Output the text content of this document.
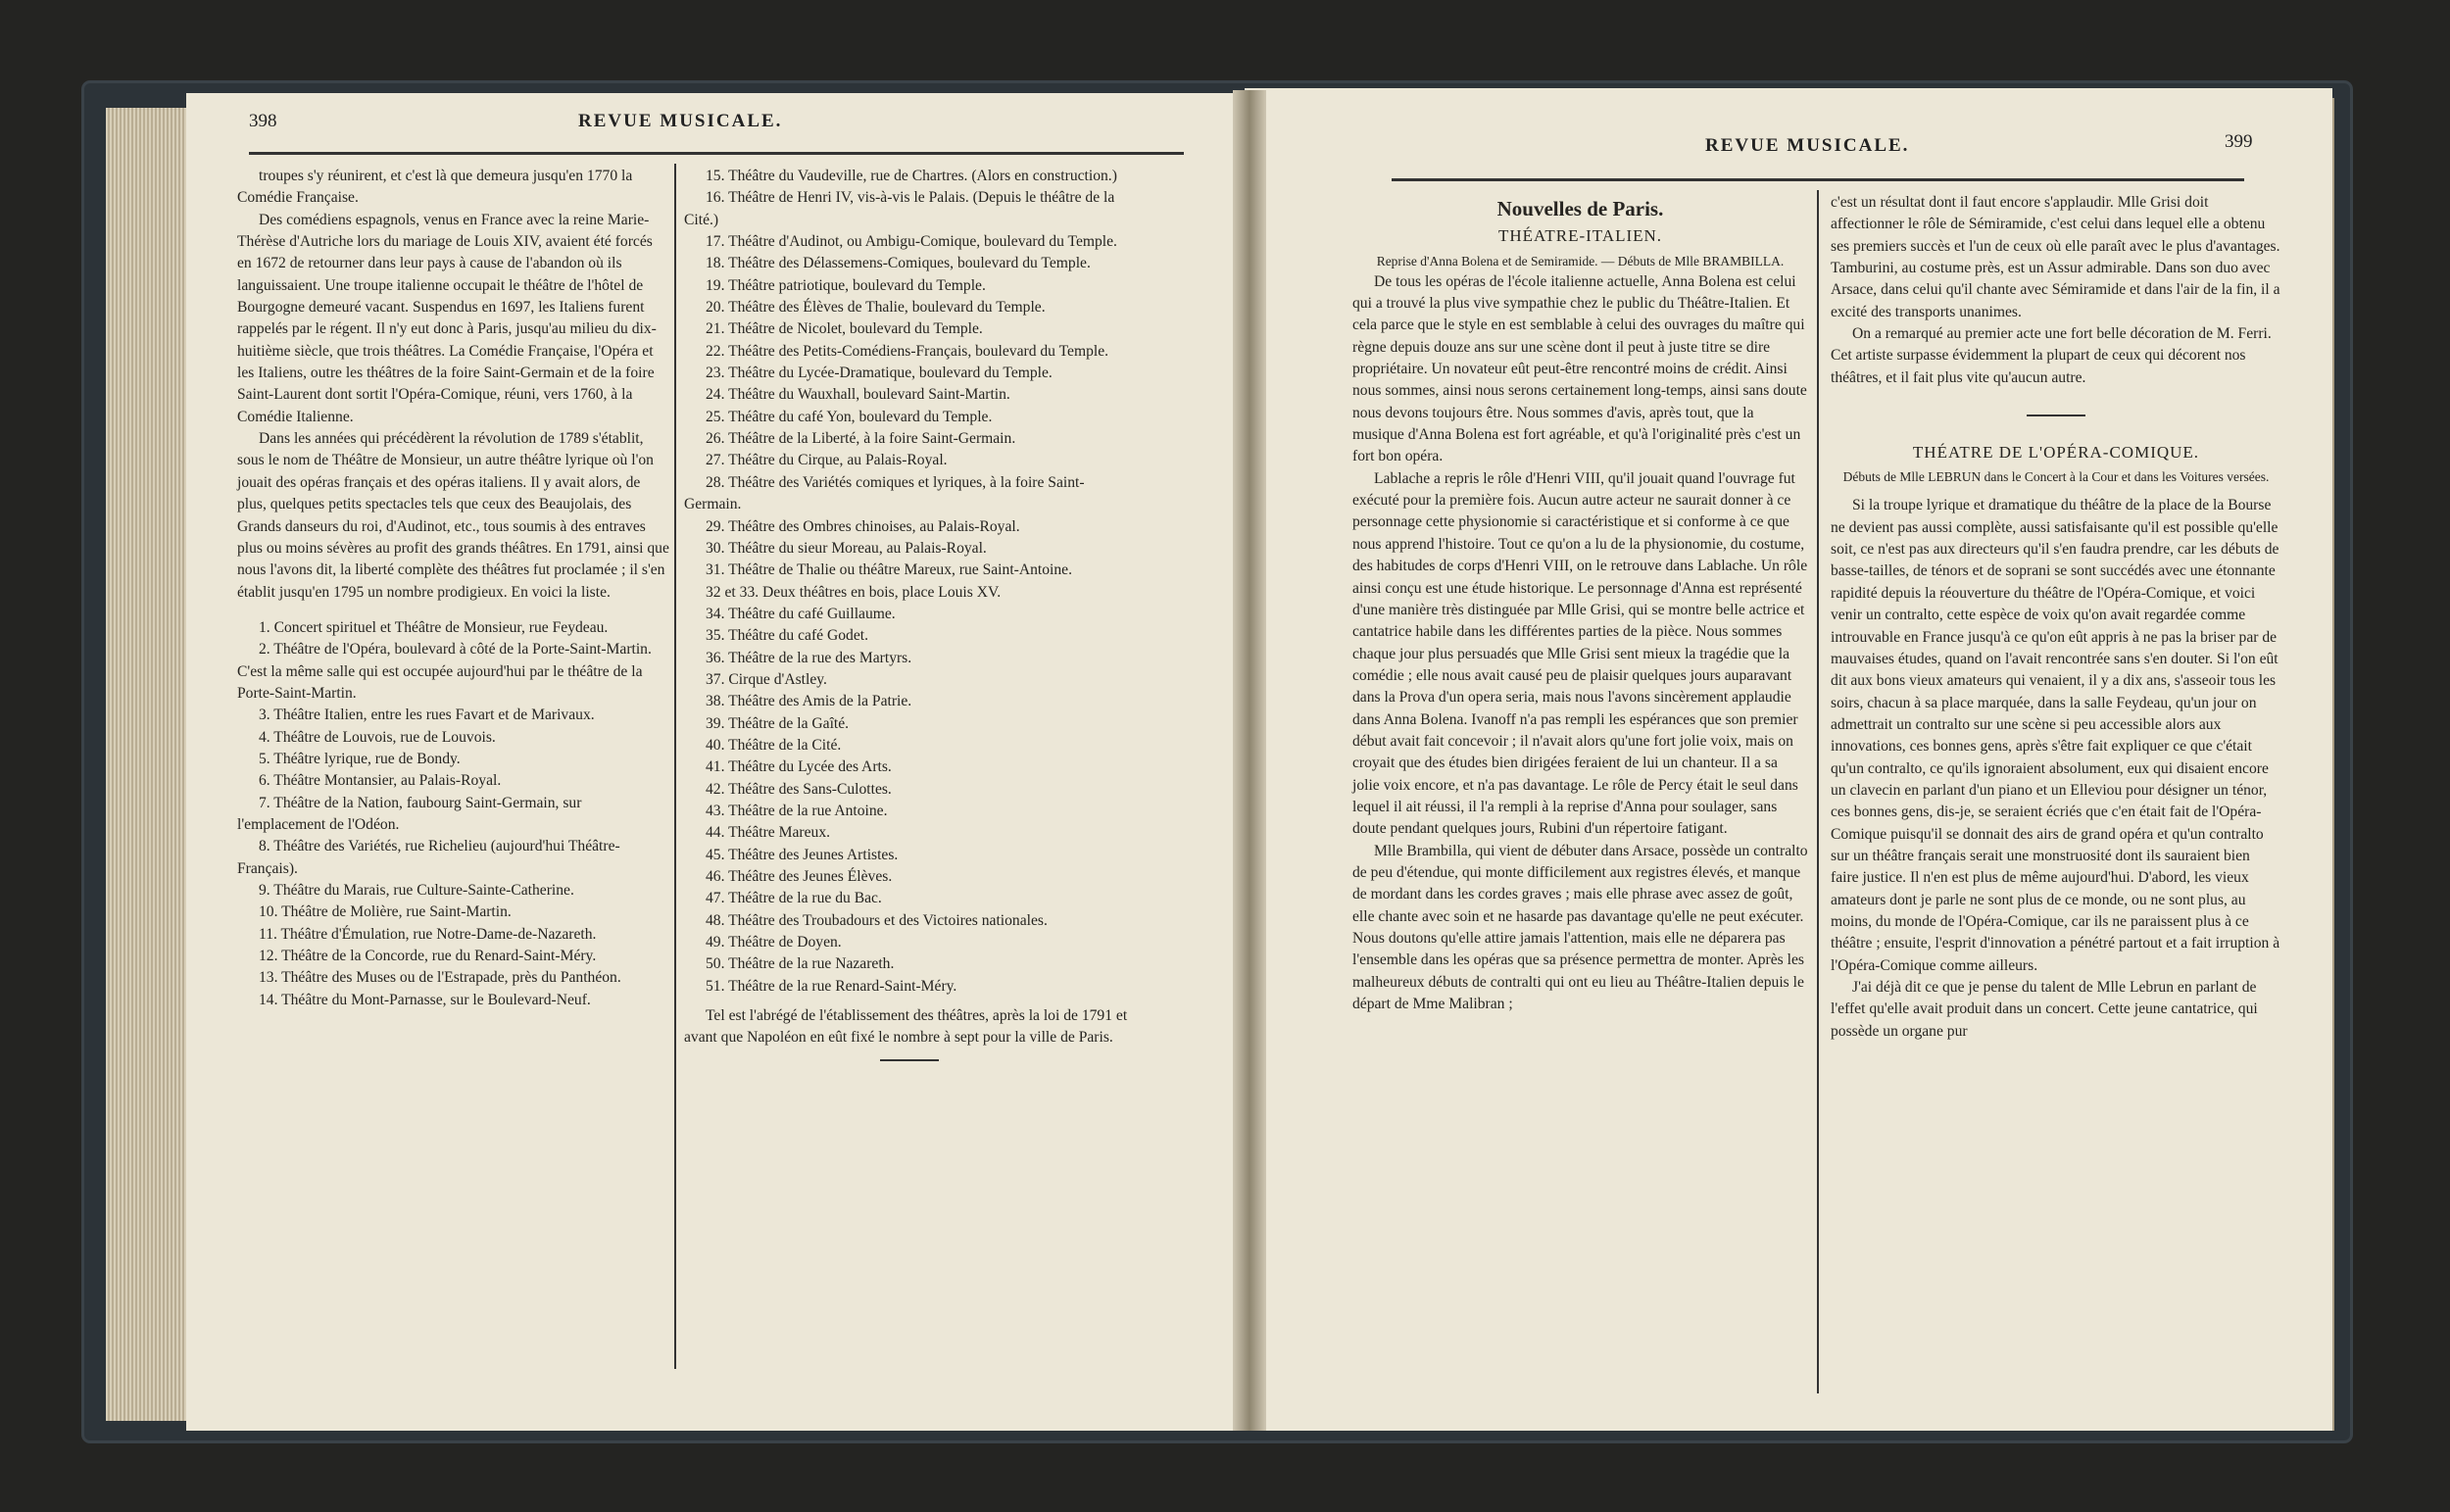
398	REVUE MUSICALE.

troupes s'y réunirent, et c'est là que demeura jusqu'en 1770 la Comédie Française.

Des comédiens espagnols, venus en France avec la reine Marie-Thérèse d'Autriche lors du mariage de Louis XIV, avaient été forcés en 1672 de retourner dans leur pays à cause de l'abandon où ils languissaient. Une troupe italienne occupait le théâtre de l'hôtel de Bourgogne demeuré vacant. Suspendus en 1697, les Italiens furent rappelés par le régent. Il n'y eut donc à Paris, jusqu'au milieu du dix-huitième siècle, que trois théâtres. La Comédie Française, l'Opéra et les Italiens, outre les théâtres de la foire Saint-Germain et de la foire Saint-Laurent dont sortit l'Opéra-Comique, réuni, vers 1760, à la Comédie Italienne.

Dans les années qui précédèrent la révolution de 1789 s'établit, sous le nom de Théâtre de Monsieur, un autre théâtre lyrique où l'on jouait des opéras français et des opéras italiens. Il y avait alors, de plus, quelques petits spectacles tels que ceux des Beaujolais, des Grands danseurs du roi, d'Audinot, etc., tous soumis à des entraves plus ou moins sévères au profit des grands théâtres. En 1791, ainsi que nous l'avons dit, la liberté complète des théâtres fut proclamée ; il s'en établit jusqu'en 1795 un nombre prodigieux. En voici la liste.

1. Concert spirituel et Théâtre de Monsieur, rue Feydeau.

2. Théâtre de l'Opéra, boulevard à côté de la Porte-Saint-Martin. C'est la même salle qui est occupée aujourd'hui par le théâtre de la Porte-Saint-Martin.

3. Théâtre Italien, entre les rues Favart et de Marivaux.

4. Théâtre de Louvois, rue de Louvois.

5. Théâtre lyrique, rue de Bondy.

6. Théâtre Montansier, au Palais-Royal.

7. Théâtre de la Nation, faubourg Saint-Germain, sur l'emplacement de l'Odéon.

8. Théâtre des Variétés, rue Richelieu (aujourd'hui Théâtre-Français).

9. Théâtre du Marais, rue Culture-Sainte-Catherine.

10. Théâtre de Molière, rue Saint-Martin.

11. Théâtre d'Émulation, rue Notre-Dame-de-Nazareth.

12. Théâtre de la Concorde, rue du Renard-Saint-Méry.

13. Théâtre des Muses ou de l'Estrapade, près du Panthéon.

14. Théâtre du Mont-Parnasse, sur le Boulevard-Neuf.

15. Théâtre du Vaudeville, rue de Chartres. (Alors en construction.)

16. Théâtre de Henri IV, vis-à-vis le Palais. (Depuis le théâtre de la Cité.)

17. Théâtre d'Audinot, ou Ambigu-Comique, boulevard du Temple.

18. Théâtre des Délassemens-Comiques, boulevard du Temple.

19. Théâtre patriotique, boulevard du Temple.

20. Théâtre des Élèves de Thalie, boulevard du Temple.

21. Théâtre de Nicolet, boulevard du Temple.

22. Théâtre des Petits-Comédiens-Français, boulevard du Temple.

23. Théâtre du Lycée-Dramatique, boulevard du Temple.

24. Théâtre du Wauxhall, boulevard Saint-Martin.

25. Théâtre du café Yon, boulevard du Temple.

26. Théâtre de la Liberté, à la foire Saint-Germain.

27. Théâtre du Cirque, au Palais-Royal.

28. Théâtre des Variétés comiques et lyriques, à la foire Saint-Germain.

29. Théâtre des Ombres chinoises, au Palais-Royal.

30. Théâtre du sieur Moreau, au Palais-Royal.

31. Théâtre de Thalie ou théâtre Mareux, rue Saint-Antoine.

32 et 33. Deux théâtres en bois, place Louis XV.

34. Théâtre du café Guillaume.

35. Théâtre du café Godet.

36. Théâtre de la rue des Martyrs.

37. Cirque d'Astley.

38. Théâtre des Amis de la Patrie.

39. Théâtre de la Gaîté.

40. Théâtre de la Cité.

41. Théâtre du Lycée des Arts.

42. Théâtre des Sans-Culottes.

43. Théâtre de la rue Antoine.

44. Théâtre Mareux.

45. Théâtre des Jeunes Artistes.

46. Théâtre des Jeunes Élèves.

47. Théâtre de la rue du Bac.

48. Théâtre des Troubadours et des Victoires nationales.

49. Théâtre de Doyen.

50. Théâtre de la rue Nazareth.

51. Théâtre de la rue Renard-Saint-Méry.

Tel est l'abrégé de l'établissement des théâtres, après la loi de 1791 et avant que Napoléon en eût fixé le nombre à sept pour la ville de Paris.

REVUE MUSICALE.	399
Nouvelles de Paris.
THÉATRE-ITALIEN.
Reprise d'Anna Bolena et de Semiramide. — Débuts de Mlle BRAMBILLA.

De tous les opéras de l'école italienne actuelle, Anna Bolena est celui qui a trouvé la plus vive sympathie chez le public du Théâtre-Italien. Et cela parce que le style en est semblable à celui des ouvrages du maître qui règne depuis douze ans sur une scène dont il peut à juste titre se dire propriétaire. Un novateur eût peut-être rencontré moins de crédit. Ainsi nous sommes, ainsi nous serons certainement long-temps, ainsi sans doute nous devons toujours être. Nous sommes d'avis, après tout, que la musique d'Anna Bolena est fort agréable, et qu'à l'originalité près c'est un fort bon opéra.

Lablache a repris le rôle d'Henri VIII, qu'il jouait quand l'ouvrage fut exécuté pour la première fois. Aucun autre acteur ne saurait donner à ce personnage cette physionomie si caractéristique et si conforme à ce que nous apprend l'histoire. Tout ce qu'on a lu de la physionomie, du costume, des habitudes de corps d'Henri VIII, on le retrouve dans Lablache. Un rôle ainsi conçu est une étude historique. Le personnage d'Anna est représenté d'une manière très distinguée par Mlle Grisi, qui se montre belle actrice et cantatrice habile dans les différentes parties de la pièce. Nous sommes chaque jour plus persuadés que Mlle Grisi sent mieux la tragédie que la comédie ; elle nous avait causé peu de plaisir quelques jours auparavant dans la Prova d'un opera seria, mais nous l'avons sincèrement applaudie dans Anna Bolena. Ivanoff n'a pas rempli les espérances que son premier début avait fait concevoir ; il n'avait alors qu'une fort jolie voix, mais on croyait que des études bien dirigées feraient de lui un chanteur. Il a sa jolie voix encore, et n'a pas davantage. Le rôle de Percy était le seul dans lequel il ait réussi, il l'a rempli à la reprise d'Anna pour soulager, sans doute pendant quelques jours, Rubini d'un répertoire fatigant.

Mlle Brambilla, qui vient de débuter dans Arsace, possède un contralto de peu d'étendue, qui monte difficilement aux registres élevés, et manque de mordant dans les cordes graves ; mais elle phrase avec assez de goût, elle chante avec soin et ne hasarde pas davantage qu'elle ne peut exécuter. Nous doutons qu'elle attire jamais l'attention, mais elle ne déparera pas l'ensemble dans les opéras que sa présence permettra de monter. Après les malheureux débuts de contralti qui ont eu lieu au Théâtre-Italien depuis le départ de Mme Malibran ;

c'est un résultat dont il faut encore s'applaudir. Mlle Grisi doit affectionner le rôle de Sémiramide, c'est celui dans lequel elle a obtenu ses premiers succès et l'un de ceux où elle paraît avec le plus d'avantages. Tamburini, au costume près, est un Assur admirable. Dans son duo avec Arsace, dans celui qu'il chante avec Sémiramide et dans l'air de la fin, il a excité des transports unanimes.

On a remarqué au premier acte une fort belle décoration de M. Ferri. Cet artiste surpasse évidemment la plupart de ceux qui décorent nos théâtres, et il fait plus vite qu'aucun autre.

THÉATRE DE L'OPÉRA-COMIQUE.
Débuts de Mlle LEBRUN dans le Concert à la Cour et dans les Voitures versées.

Si la troupe lyrique et dramatique du théâtre de la place de la Bourse ne devient pas aussi complète, aussi satisfaisante qu'il est possible qu'elle soit, ce n'est pas aux directeurs qu'il s'en faudra prendre, car les débuts de basse-tailles, de ténors et de soprani se sont succédés avec une étonnante rapidité depuis la réouverture du théâtre de l'Opéra-Comique, et voici venir un contralto, cette espèce de voix qu'on avait regardée comme introuvable en France jusqu'à ce qu'on eût appris à ne pas la briser par de mauvaises études, quand on l'avait rencontrée sans s'en douter. Si l'on eût dit aux bons vieux amateurs qui venaient, il y a dix ans, s'asseoir tous les soirs, chacun à sa place marquée, dans la salle Feydeau, qu'un jour on admettrait un contralto sur une scène si peu accessible alors aux innovations, ces bonnes gens, après s'être fait expliquer ce que c'était qu'un contralto, ce qu'ils ignoraient absolument, eux qui disaient encore un clavecin en parlant d'un piano et un Elleviou pour désigner un ténor, ces bonnes gens, dis-je, se seraient écriés que c'en était fait de l'Opéra-Comique puisqu'il se donnait des airs de grand opéra et qu'un contralto sur un théâtre français serait une monstruosité dont ils sauraient bien faire justice. Il n'en est plus de même aujourd'hui. D'abord, les vieux amateurs dont je parle ne sont plus de ce monde, ou ne sont plus, au moins, du monde de l'Opéra-Comique, car ils ne paraissent plus à ce théâtre ; ensuite, l'esprit d'innovation a pénétré partout et a fait irruption à l'Opéra-Comique comme ailleurs.

J'ai déjà dit ce que je pense du talent de Mlle Lebrun en parlant de l'effet qu'elle avait produit dans un concert. Cette jeune cantatrice, qui possède un organe pur
